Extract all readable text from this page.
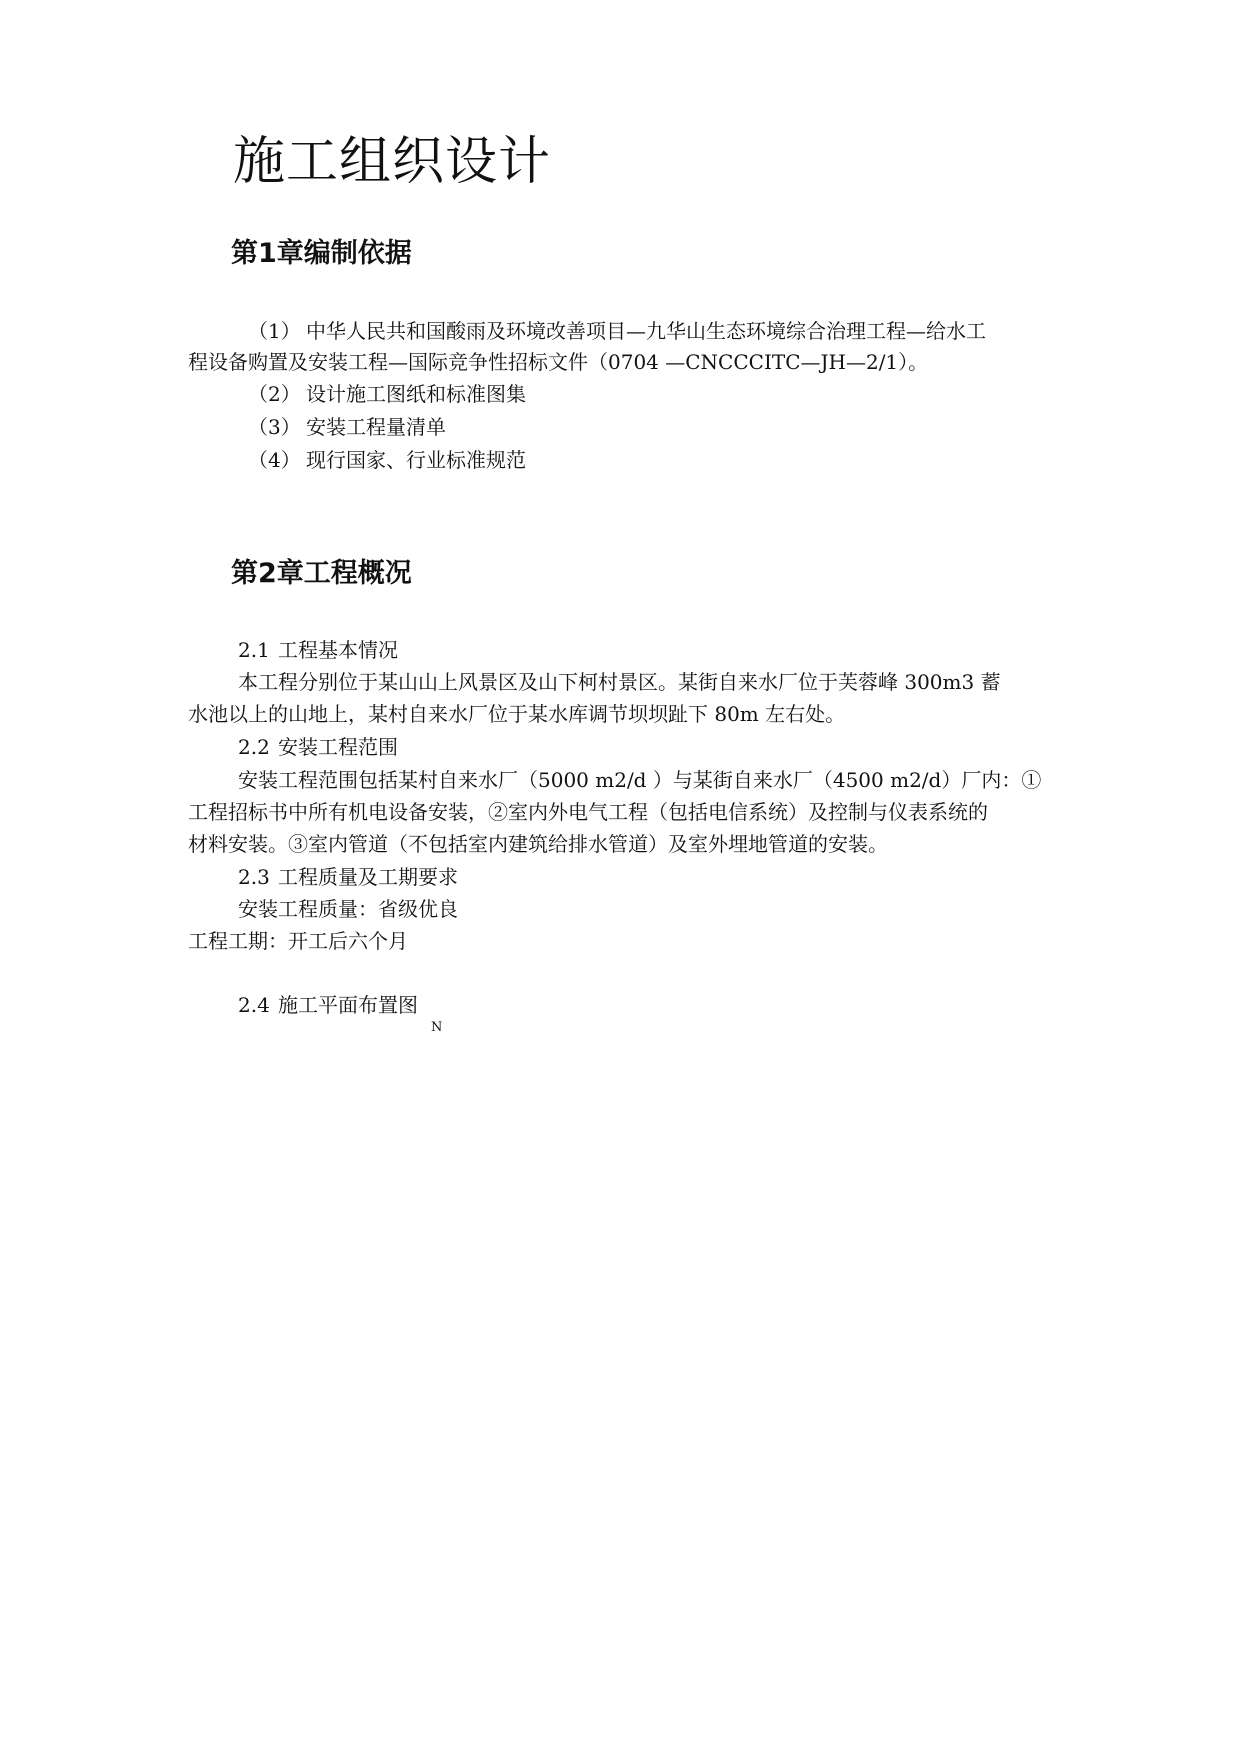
施工组织设计
第1章编制依据

（1） 中华人民共和国酸雨及环境改善项目—九华山生态环境综合治理工程—给水工

程设备购置及安装工程—国际竞争性招标文件（0704 —CNCCCITC—JH—2/1）。

（2） 设计施工图纸和标准图集

（3） 安装工程量清单

（4） 现行国家、行业标准规范

第2章工程概况

2.1 工程基本情况

本工程分别位于某山山上风景区及山下柯村景区。某街自来水厂位于芙蓉峰 300m3 蓄

水池以上的山地上，某村自来水厂位于某水库调节坝坝趾下 80m 左右处。

2.2 安装工程范围

安装工程范围包括某村自来水厂（5000 m2/d ）与某街自来水厂（4500 m2/d）厂内：①

工程招标书中所有机电设备安装，②室内外电气工程（包括电信系统）及控制与仪表系统的

材料安装。③室内管道（不包括室内建筑给排水管道）及室外埋地管道的安装。

2.3 工程质量及工期要求

安装工程质量：省级优良

工程工期：开工后六个月

2.4 施工平面布置图

N
